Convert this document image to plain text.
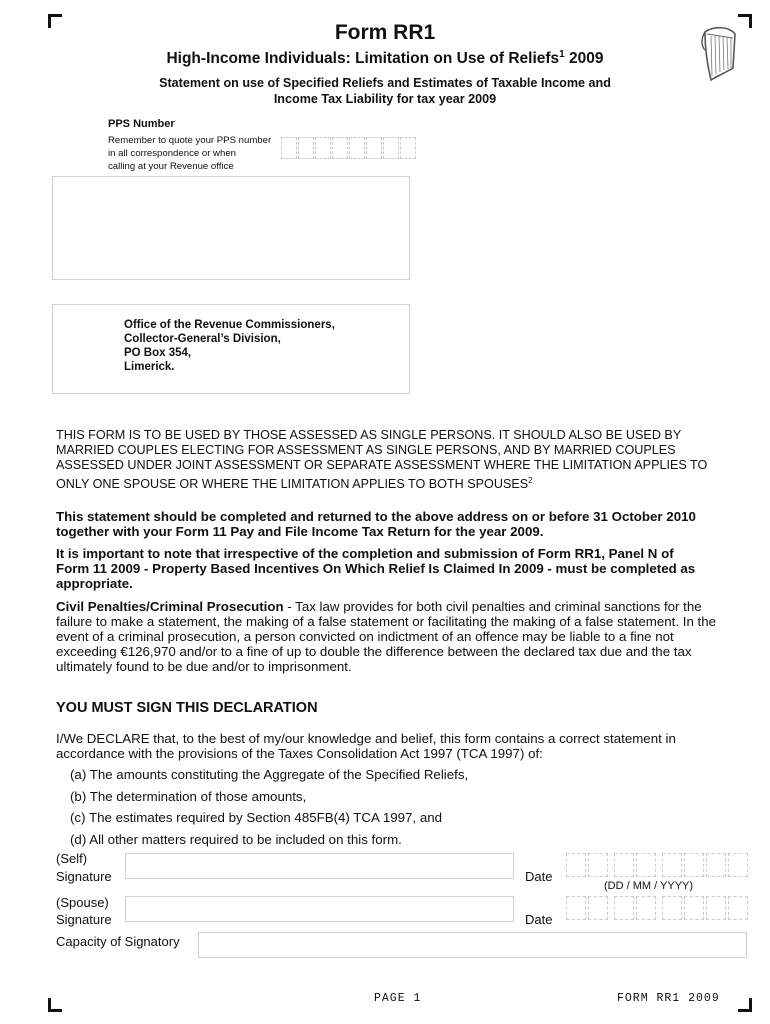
Form RR1
High-Income Individuals: Limitation on Use of Reliefs$^1$ 2009
Statement on use of Specified Reliefs and Estimates of Taxable Income and
Income Tax Liability for tax year 2009
PPS Number
Remember to quote your PPS number
in all correspondence or when
calling at your Revenue office
Office of the Revenue Commissioners,
Collector-General’s Division,
PO Box 354,
Limerick.
THIS FORM IS TO BE USED BY THOSE ASSESSED AS SINGLE PERSONS. IT SHOULD ALSO BE USED BY
MARRIED COUPLES ELECTING FOR ASSESSMENT AS SINGLE PERSONS, AND BY MARRIED COUPLES
ASSESSED UNDER JOINT ASSESSMENT OR SEPARATE ASSESSMENT WHERE THE LIMITATION APPLIES TO
ONLY ONE SPOUSE OR WHERE THE LIMITATION APPLIES TO BOTH SPOUSES$^2$
This statement should be completed and returned to the above address on or before 31 October 2010
together with your Form 11 Pay and File Income Tax Return for the year 2009.
It is important to note that irrespective of the completion and submission of Form RR1, Panel N of
Form 11 2009 - Property Based Incentives On Which Relief Is Claimed In 2009 - must be completed as
appropriate.
Civil Penalties/Criminal Prosecution - Tax law provides for both civil penalties and criminal sanctions for the
failure to make a statement, the making of a false statement or facilitating the making of a false statement. In the
event of a criminal prosecution, a person convicted on indictment of an offence may be liable to a fine not
exceeding €126,970 and/or to a fine of up to double the difference between the declared tax due and the tax
ultimately found to be due and/or to imprisonment.
YOU MUST SIGN THIS DECLARATION
I/We DECLARE that, to the best of my/our knowledge and belief, this form contains a correct statement in
accordance with the provisions of the Taxes Consolidation Act 1997 (TCA 1997) of:
(a) The amounts constituting the Aggregate of the Specified Reliefs,
(b) The determination of those amounts,
(c) The estimates required by Section 485FB(4) TCA 1997, and
(d) All other matters required to be included on this form.
(Self)
Signature	Date
(DD / MM / YYYY)
(Spouse)
Signature	Date
Capacity of Signatory
PAGE 1	FORM RR1 2009
